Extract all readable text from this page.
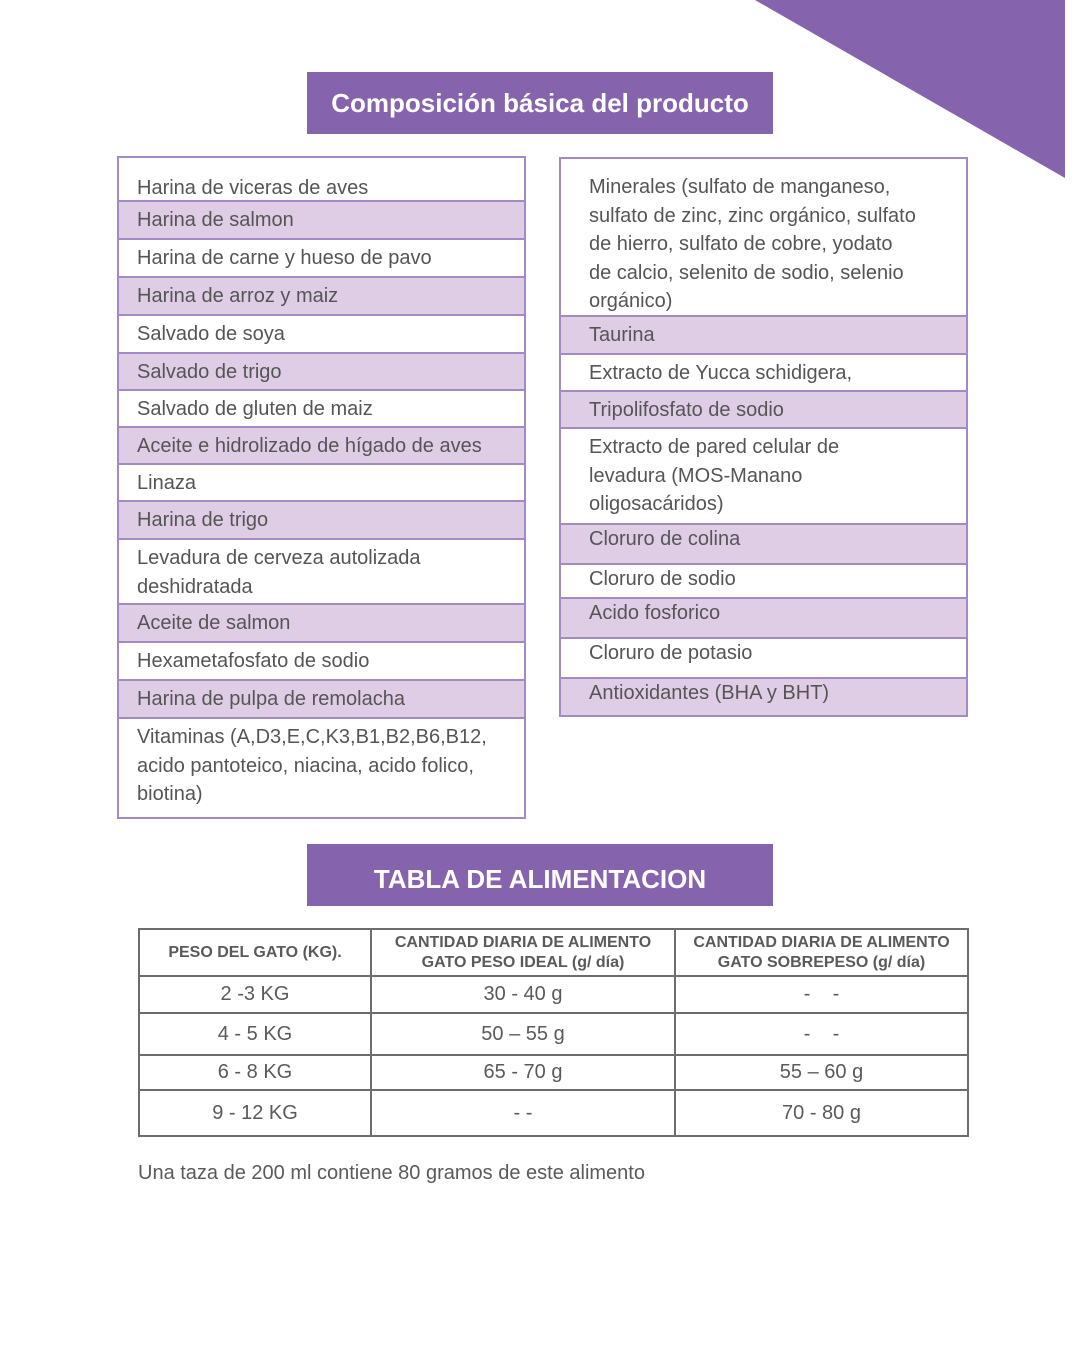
Composición básica del producto
Harina de viceras de aves
Harina de salmon
Harina de carne y hueso de pavo
Harina de arroz y maiz
Salvado de soya
Salvado de trigo
Salvado de gluten de maiz
Aceite e hidrolizado de hígado de aves
Linaza
Harina de trigo
Levadura de cerveza autolizada
deshidratada
Aceite de salmon
Hexametafosfato de sodio
Harina de pulpa de remolacha
Vitaminas (A,D3,E,C,K3,B1,B2,B6,B12,
acido pantoteico, niacina, acido folico,
biotina)
Minerales (sulfato de manganeso,
sulfato de zinc, zinc orgánico, sulfato
de hierro, sulfato de cobre, yodato
de calcio, selenito de sodio, selenio
orgánico)
Taurina
Extracto de Yucca schidigera,
Tripolifosfato de sodio
Extracto de pared celular de
levadura (MOS-Manano
oligosacáridos)
Cloruro de colina
Cloruro de sodio
Acido fosforico
Cloruro de potasio
Antioxidantes (BHA y BHT)
TABLA DE ALIMENTACION
PESO DEL GATO (KG).	CANTIDAD DIARIA DE ALIMENTO GATO PESO IDEAL (g/ día)	CANTIDAD DIARIA DE ALIMENTO GATO SOBREPESO (g/ día)
2 -3 KG	30 - 40 g	-    -
4 - 5 KG	50 – 55 g	-    -
6 - 8 KG	65 - 70 g	55 – 60 g
9 - 12 KG	- -	70 - 80 g
Una taza de 200 ml contiene 80 gramos de este alimento
